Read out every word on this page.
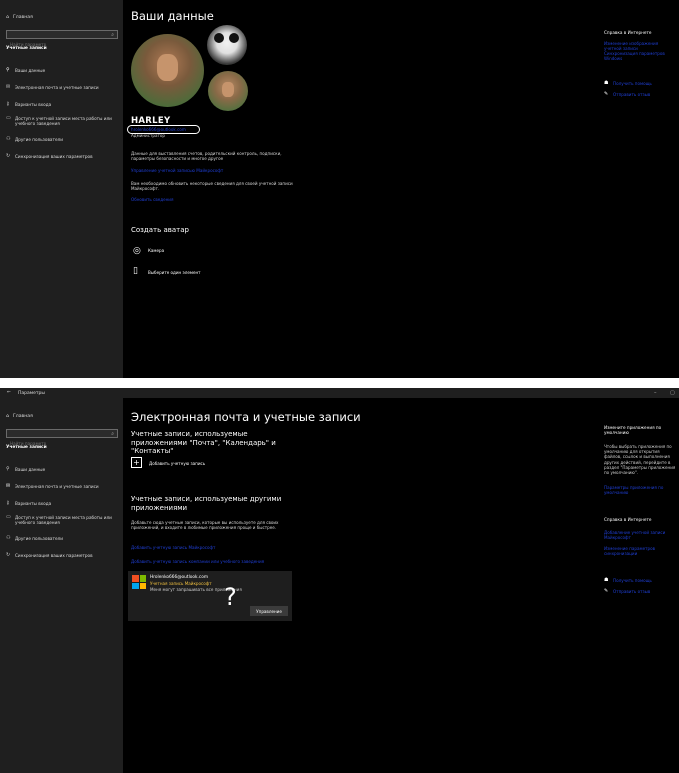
⌂ Главная
Найти параметр
⌕
Учетные записи
⚲ Ваши данные
✉ Электронная почта и учетные записи
⚷ Варианты входа
▭ Доступ к учетной записи места работы или учебного заведения
⚇ Другие пользователи
↻ Синхронизация ваших параметров
Ваши данные
HARLEY
hrolenko666@outlook.com
Администратор
Данные для выставления счетов, родительский контроль, подписки, параметры безопасности и многое другое
Управление учетной записью Майкрософт
Вам необходимо обновить некоторые сведения для своей учетной записи Майкрософт.
Обновить сведения
Создать аватар
◎ Камера
▯ Выберите один элемент
Справка в Интернете
Изменение изображения учетной записи
Синхронизация параметров Windows
☗ Получить помощь
✎ Отправить отзыв
← Параметры	–	▢
⌂ Главная
Найти параметр
⌕
Учетные записи
⚲ Ваши данные
✉ Электронная почта и учетные записи
⚷ Варианты входа
▭ Доступ к учетной записи места работы или учебного заведения
⚇ Другие пользователи
↻ Синхронизация ваших параметров
Электронная почта и учетные записи
Учетные записи, используемые приложениями "Почта", "Календарь" и "Контакты"
+	Добавить учетную запись
Учетные записи, используемые другими приложениями
Добавьте сюда учетные записи, которые вы используете для своих приложений, и входите в любимые приложения проще и быстрее.
Добавить учетную запись Майкрософт
Добавить учетную запись компании или учебного заведения
Hrolenko666@outlook.com
Учетная запись Майкрософт
Меня могут запрашивать все приложения
?	Управление
Измените приложения по умолчанию
Чтобы выбрать приложения по умолчанию для открытия файлов, ссылок и выполнения других действий, перейдите в раздел "Параметры приложения по умолчанию".
Параметры приложения по умолчанию
Справка в Интернете
Добавление учетной записи Майкрософт
Изменение параметров синхронизации
☗ Получить помощь
✎ Отправить отзыв
